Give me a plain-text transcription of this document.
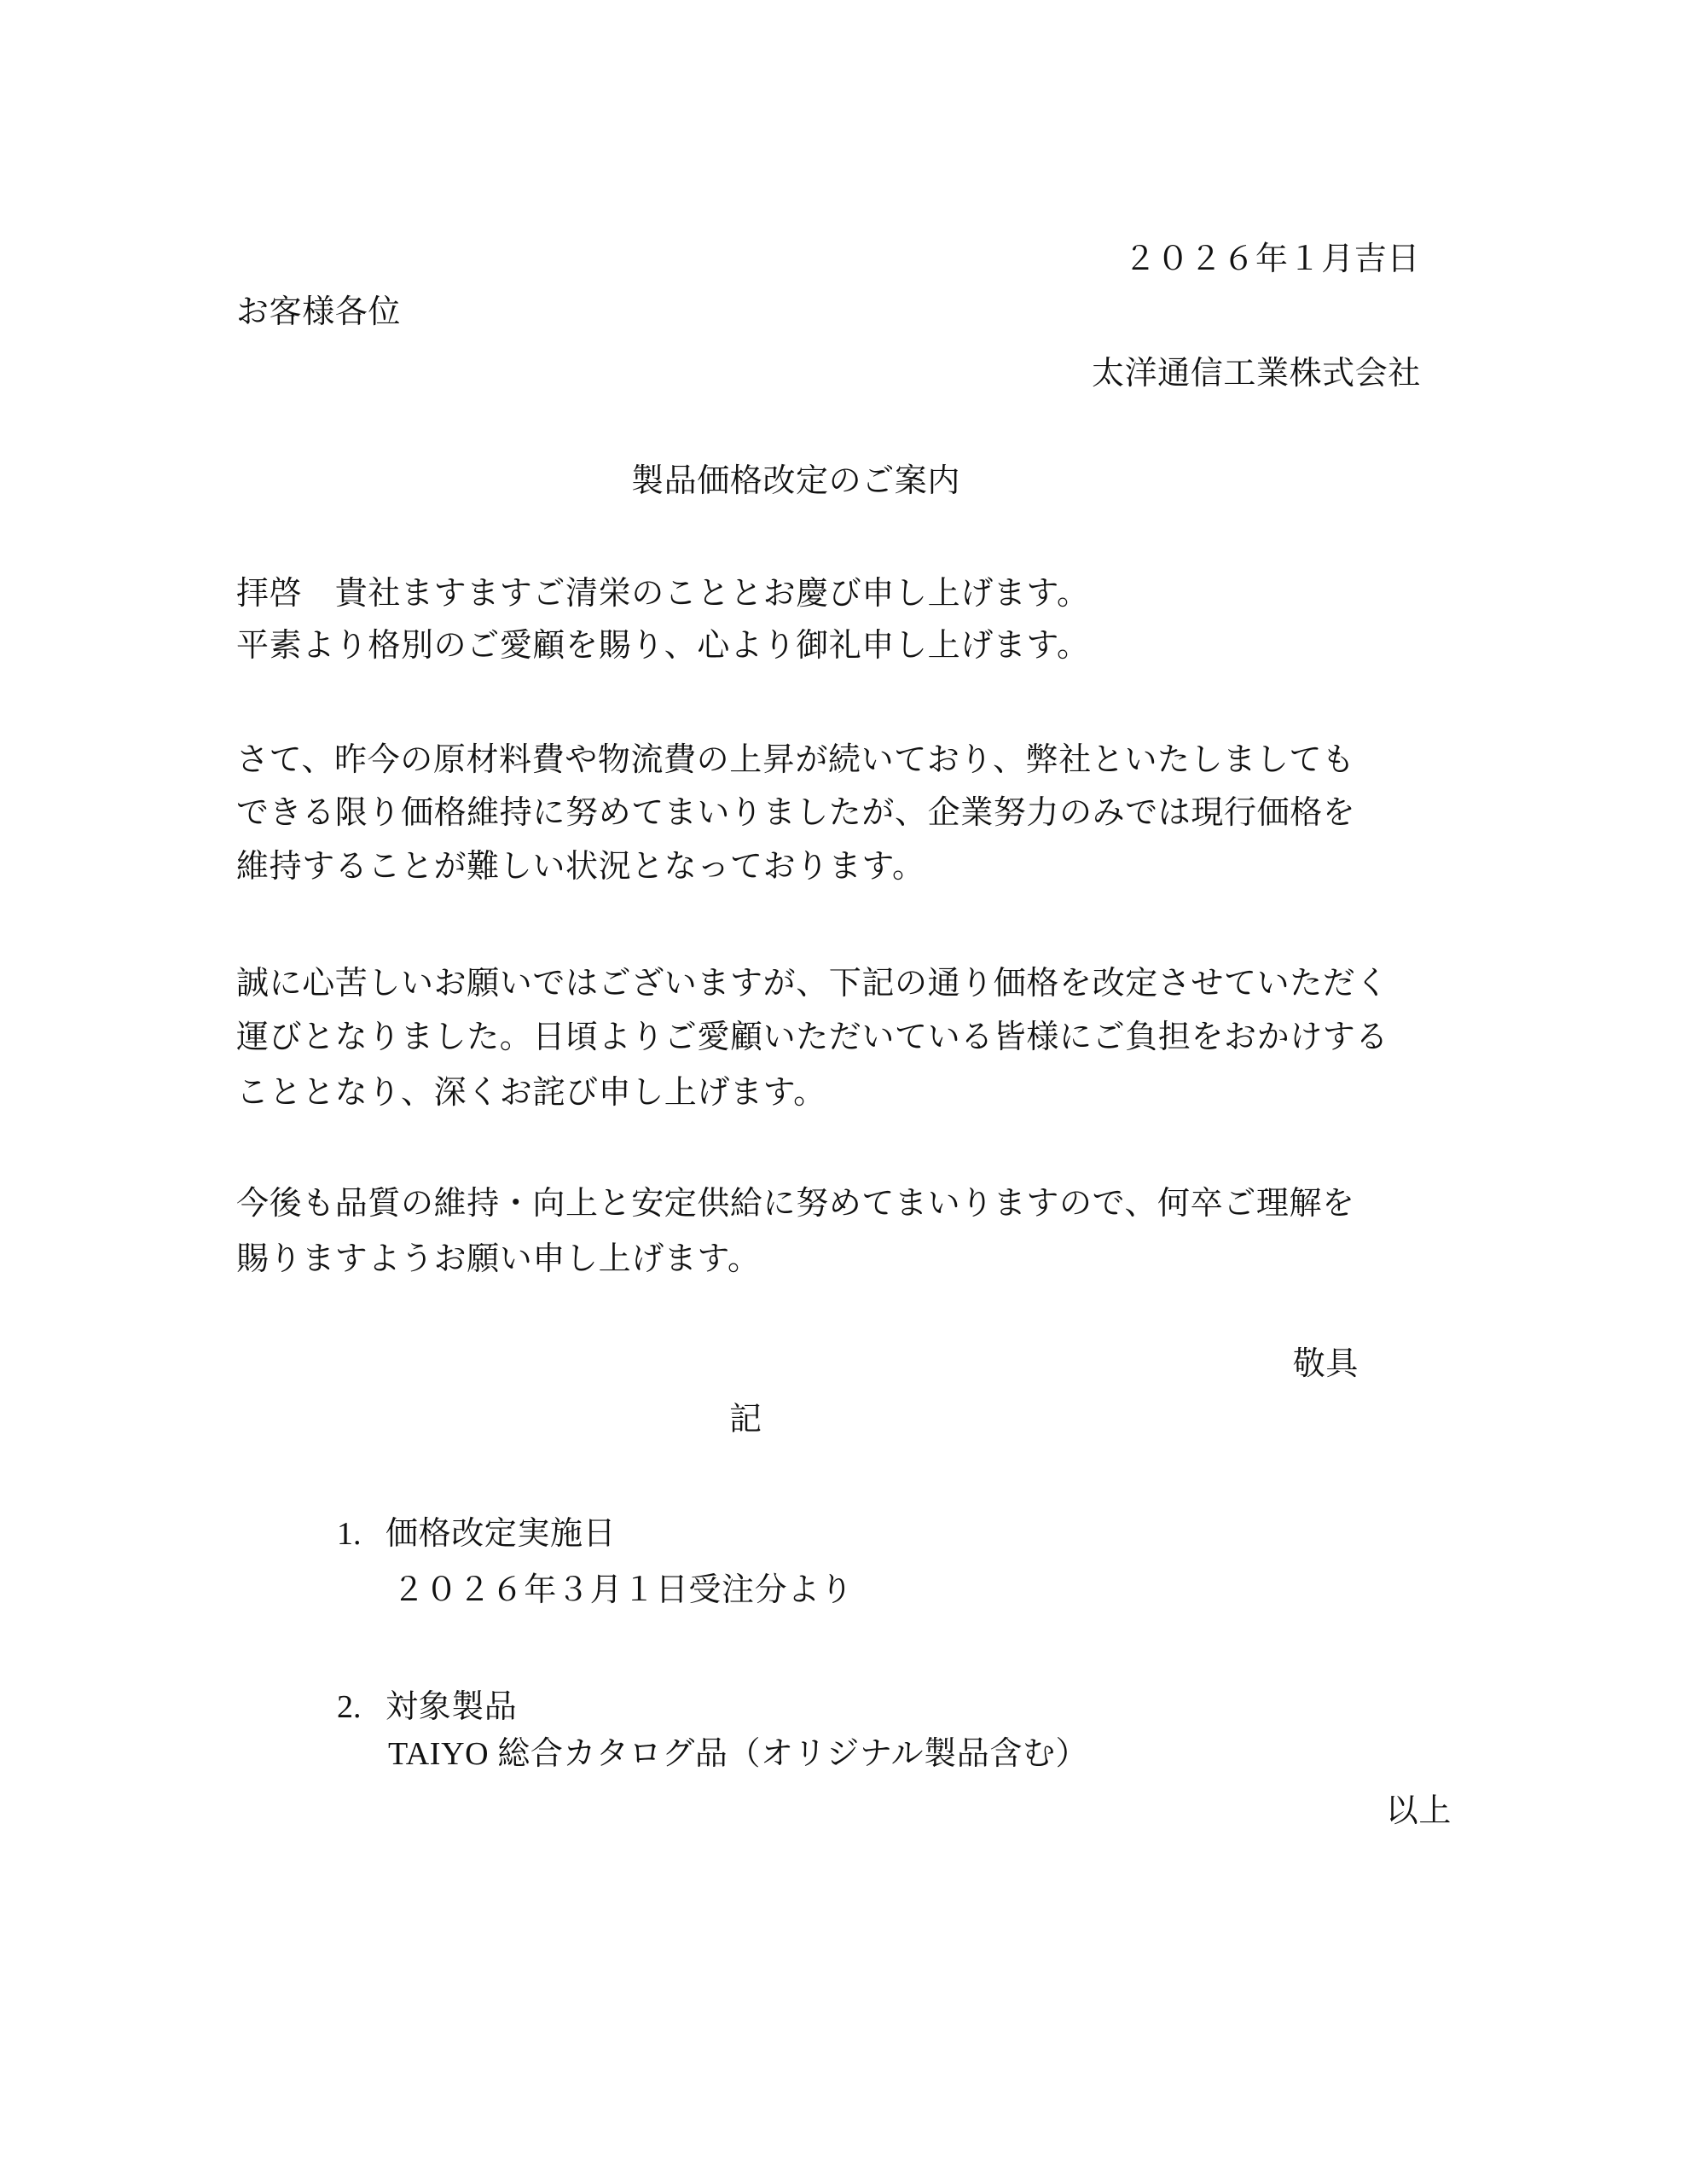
２０２６年１月吉日
お客様各位
太洋通信工業株式会社
製品価格改定のご案内
拝啓　貴社ますますご清栄のこととお慶び申し上げます。
平素より格別のご愛顧を賜り、心より御礼申し上げます。
さて、昨今の原材料費や物流費の上昇が続いており、弊社といたしましても
できる限り価格維持に努めてまいりましたが、企業努力のみでは現行価格を
維持することが難しい状況となっております。
誠に心苦しいお願いではございますが、下記の通り価格を改定させていただく
運びとなりました。日頃よりご愛顧いただいている皆様にご負担をおかけする
こととなり、深くお詫び申し上げます。
今後も品質の維持・向上と安定供給に努めてまいりますので、何卒ご理解を
賜りますようお願い申し上げます。
敬具
記
1. 価格改定実施日
２０２６年３月１日受注分より
2. 対象製品
TAIYO 総合カタログ品（オリジナル製品含む）
以上
